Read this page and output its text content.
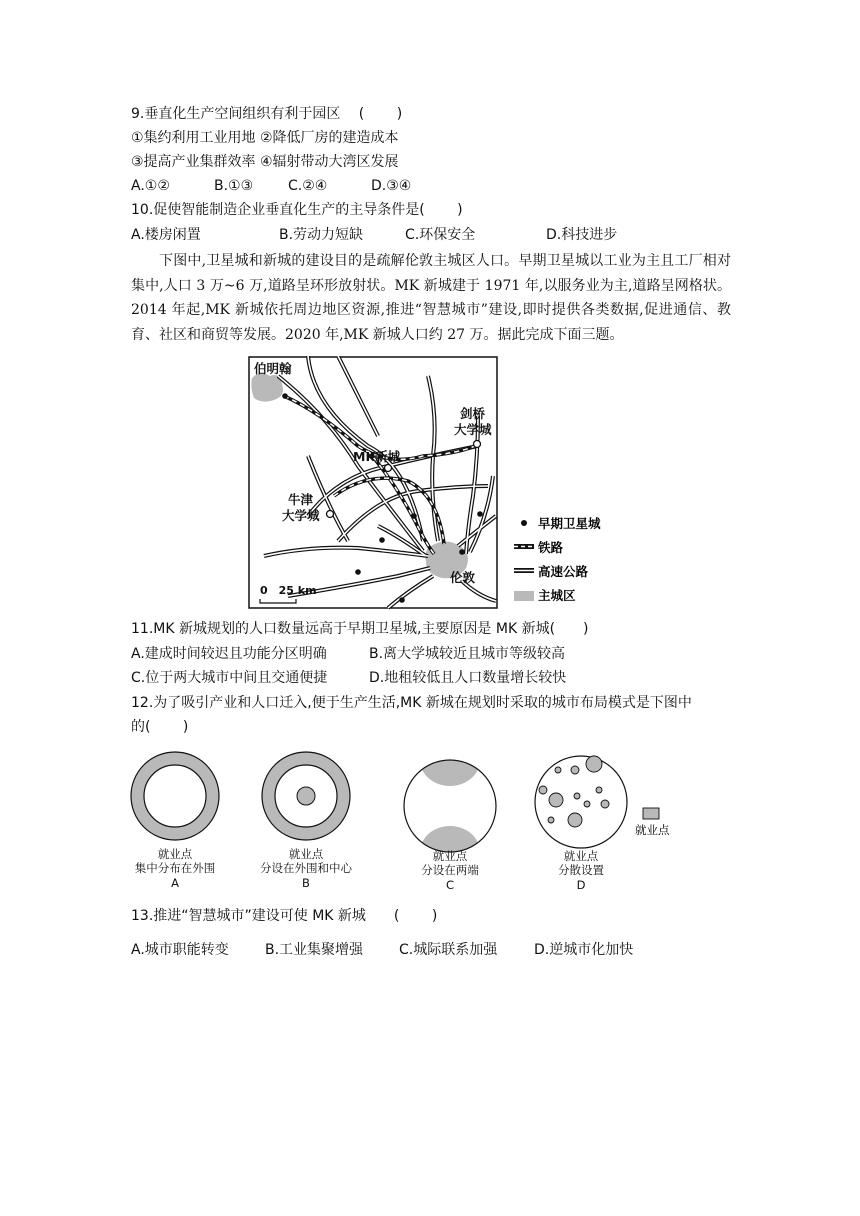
9.垂直化生产空间组织有利于园区　 (　　 )
①集约利用工业用地 ②降低厂房的建造成本
③提高产业集群效率 ④辐射带动大湾区发展
A.①②	B.①③ C.②④	D.③④
10.促使智能制造企业垂直化生产的主导条件是(　　 )
A.楼房闲置	B.劳动力短缺	C.环保安全	D.科技进步
下图中,卫星城和新城的建设目的是疏解伦敦主城区人口。早期卫星城以工业为主且工厂相对集中,人口 3 万~6 万,道路呈环形放射状。MK 新城建于 1971 年,以服务业为主,道路呈网格状。2014 年起,MK 新城依托周边地区资源,推进“智慧城市”建设,即时提供各类数据,促进通信、教育、社区和商贸等发展。2020 年,MK 新城人口约 27 万。据此完成下面三题。
伯明翰
剑桥
大学城
MK新城
牛津
大学城
伦敦
0　25 km
早期卫星城
铁路
高速公路
主城区
11.MK 新城规划的人口数量远高于早期卫星城,主要原因是 MK 新城(　　)
A.建成时间较迟且功能分区明确	B.离大学城较近且城市等级较高
C.位于两大城市中间且交通便捷	D.地租较低且人口数量增长较快
12.为了吸引产业和人口迁入,便于生产生活,MK 新城在规划时采取的城市布局模式是下图中
的(　　 )
就业点
就业点
集中分布在外围
A
就业点
分设在外围和中心
B
就业点
分设在两端
C
就业点
分散设置
D
13.推进“智慧城市”建设可使 MK 新城　　(　　 )
A.城市职能转变	B.工业集聚增强	C.城际联系加强	D.逆城市化加快
